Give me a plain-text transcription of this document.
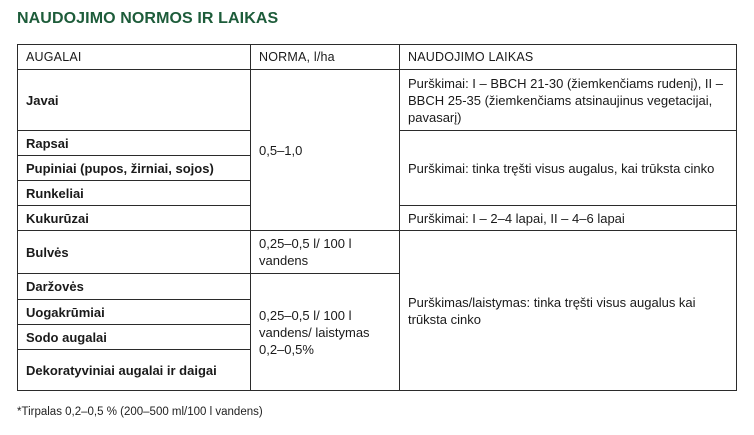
NAUDOJIMO NORMOS IR LAIKAS
AUGALAI	NORMA, l/ha	NAUDOJIMO LAIKAS
Javai	0,5–1,0	Purškimai: I – BBCH 21-30 (žiemkenčiams rudenį), II – BBCH 25-35 (žiemkenčiams atsinaujinus vegetacijai, pavasarį)
Rapsai		Purškimai: tinka tręšti visus augalus, kai trūksta cinko
Pupiniai (pupos, žirniai, sojos)		
Runkeliai		
Kukurūzai		Purškimai: I – 2–4 lapai, II – 4–6 lapai
Bulvės	0,25–0,5 l/ 100 l vandens	Purškimas/laistymas: tinka tręšti visus augalus kai trūksta cinko
Daržovės	0,25–0,5 l/ 100 l vandens/ laistymas 0,2–0,5%	
Uogakrūmiai		
Sodo augalai		
Dekoratyviniai augalai ir daigai		
*Tirpalas 0,2–0,5 % (200–500 ml/100 l vandens)
